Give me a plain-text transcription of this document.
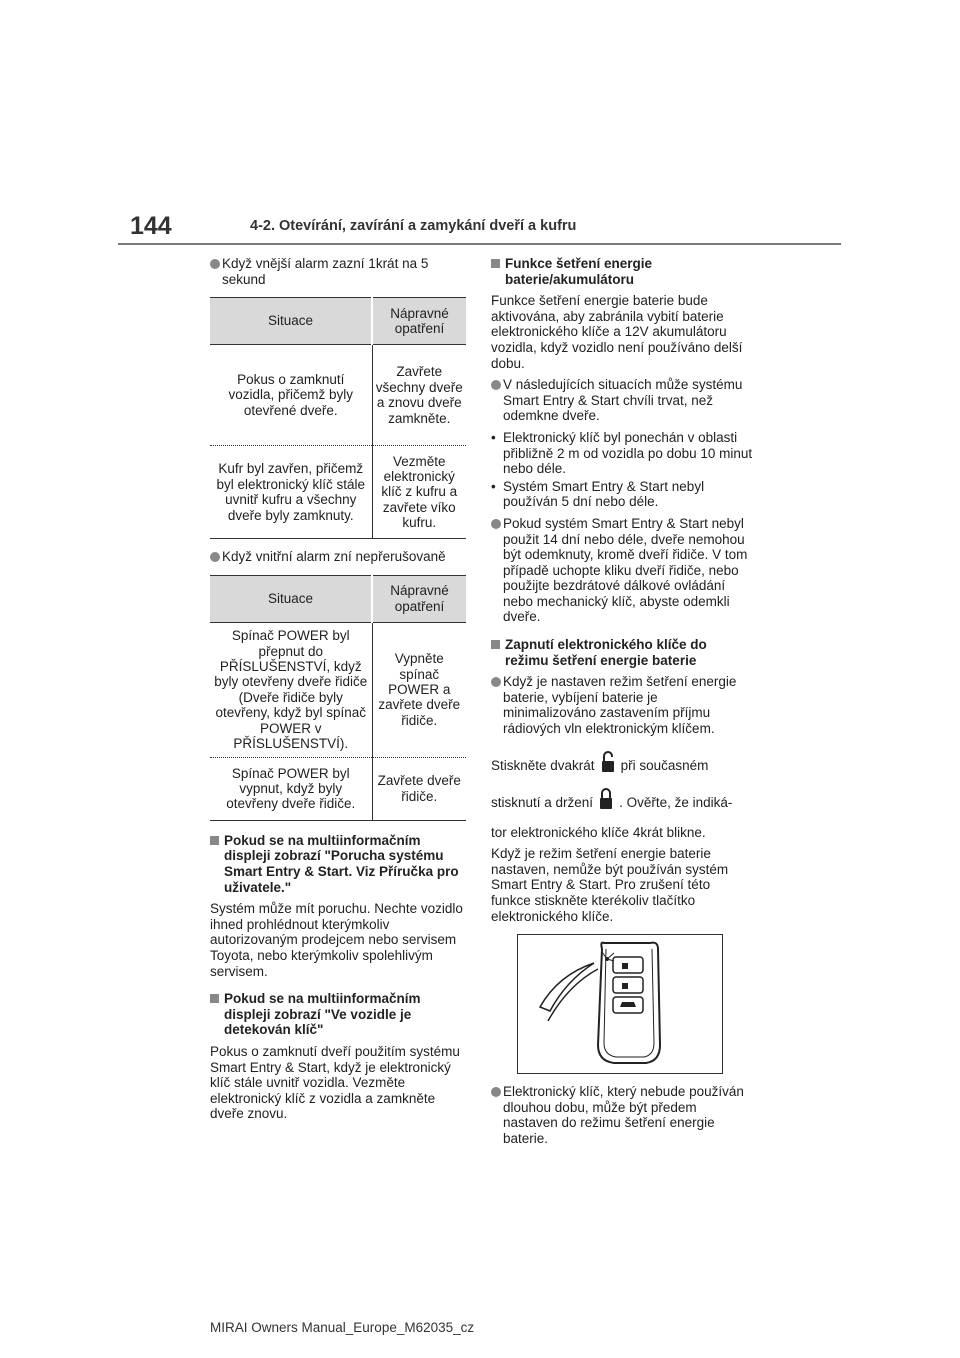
144	4-2. Otevírání, zavírání a zamykání dveří a kufru
Když vnější alarm zazní 1krát na 5 sekund
Situace	Nápravné opatření
Pokus o zamknutí vozidla, přičemž byly otevřené dveře.	Zavřete všechny dveře a znovu dveře zamkněte.
Kufr byl zavřen, přičemž byl elektronický klíč stále uvnitř kufru a všechny dveře byly zamknuty.	Vezměte elektronický klíč z kufru a zavřete víko kufru.
Když vnitřní alarm zní nepřerušovaně
Situace	Nápravné opatření
Spínač POWER byl přepnut do PŘÍSLUŠENSTVÍ, když byly otevřeny dveře řidiče (Dveře řidiče byly otevřeny, když byl spínač POWER v PŘÍSLUŠENSTVÍ).	Vypněte spínač POWER a zavřete dveře řidiče.
Spínač POWER byl vypnut, když byly otevřeny dveře řidiče.	Zavřete dveře řidiče.
Pokud se na multiinformačním displeji zobrazí "Porucha systému Smart Entry & Start. Viz Příručka pro uživatele."
Systém může mít poruchu. Nechte vozidlo ihned prohlédnout kterýmkoliv autorizovaným prodejcem nebo servisem Toyota, nebo kterýmkoliv spolehlivým servisem.
Pokud se na multiinformačním displeji zobrazí "Ve vozidle je detekován klíč"
Pokus o zamknutí dveří použitím systému Smart Entry & Start, když je elektronický klíč stále uvnitř vozidla. Vezměte elektronický klíč z vozidla a zamkněte dveře znovu.
Funkce šetření energie baterie/akumulátoru
Funkce šetření energie baterie bude aktivována, aby zabránila vybití baterie elektronického klíče a 12V akumulátoru vozidla, když vozidlo není používáno delší dobu.
V následujících situacích může systému Smart Entry & Start chvíli trvat, než odemkne dveře.
• Elektronický klíč byl ponechán v oblasti přibližně 2 m od vozidla po dobu 10 minut nebo déle.
• Systém Smart Entry & Start nebyl používán 5 dní nebo déle.
Pokud systém Smart Entry & Start nebyl použit 14 dní nebo déle, dveře nemohou být odemknuty, kromě dveří řidiče. V tom případě uchopte kliku dveří řidiče, nebo použijte bezdrátové dálkové ovládání nebo mechanický klíč, abyste odemkli dveře.
Zapnutí elektronického klíče do režimu šetření energie baterie
Když je nastaven režim šetření energie baterie, vybíjení baterie je minimalizováno zastavením příjmu rádiových vln elektronickým klíčem.
Stiskněte dvakrát při současném
stisknutí a držení . Ověřte, že indiká-
tor elektronického klíče 4krát blikne.
Když je režim šetření energie baterie nastaven, nemůže být používán systém Smart Entry & Start. Pro zrušení této funkce stiskněte kterékoliv tlačítko elektronického klíče.
Elektronický klíč, který nebude používán dlouhou dobu, může být předem nastaven do režimu šetření energie baterie.
MIRAI Owners Manual_Europe_M62035_cz
